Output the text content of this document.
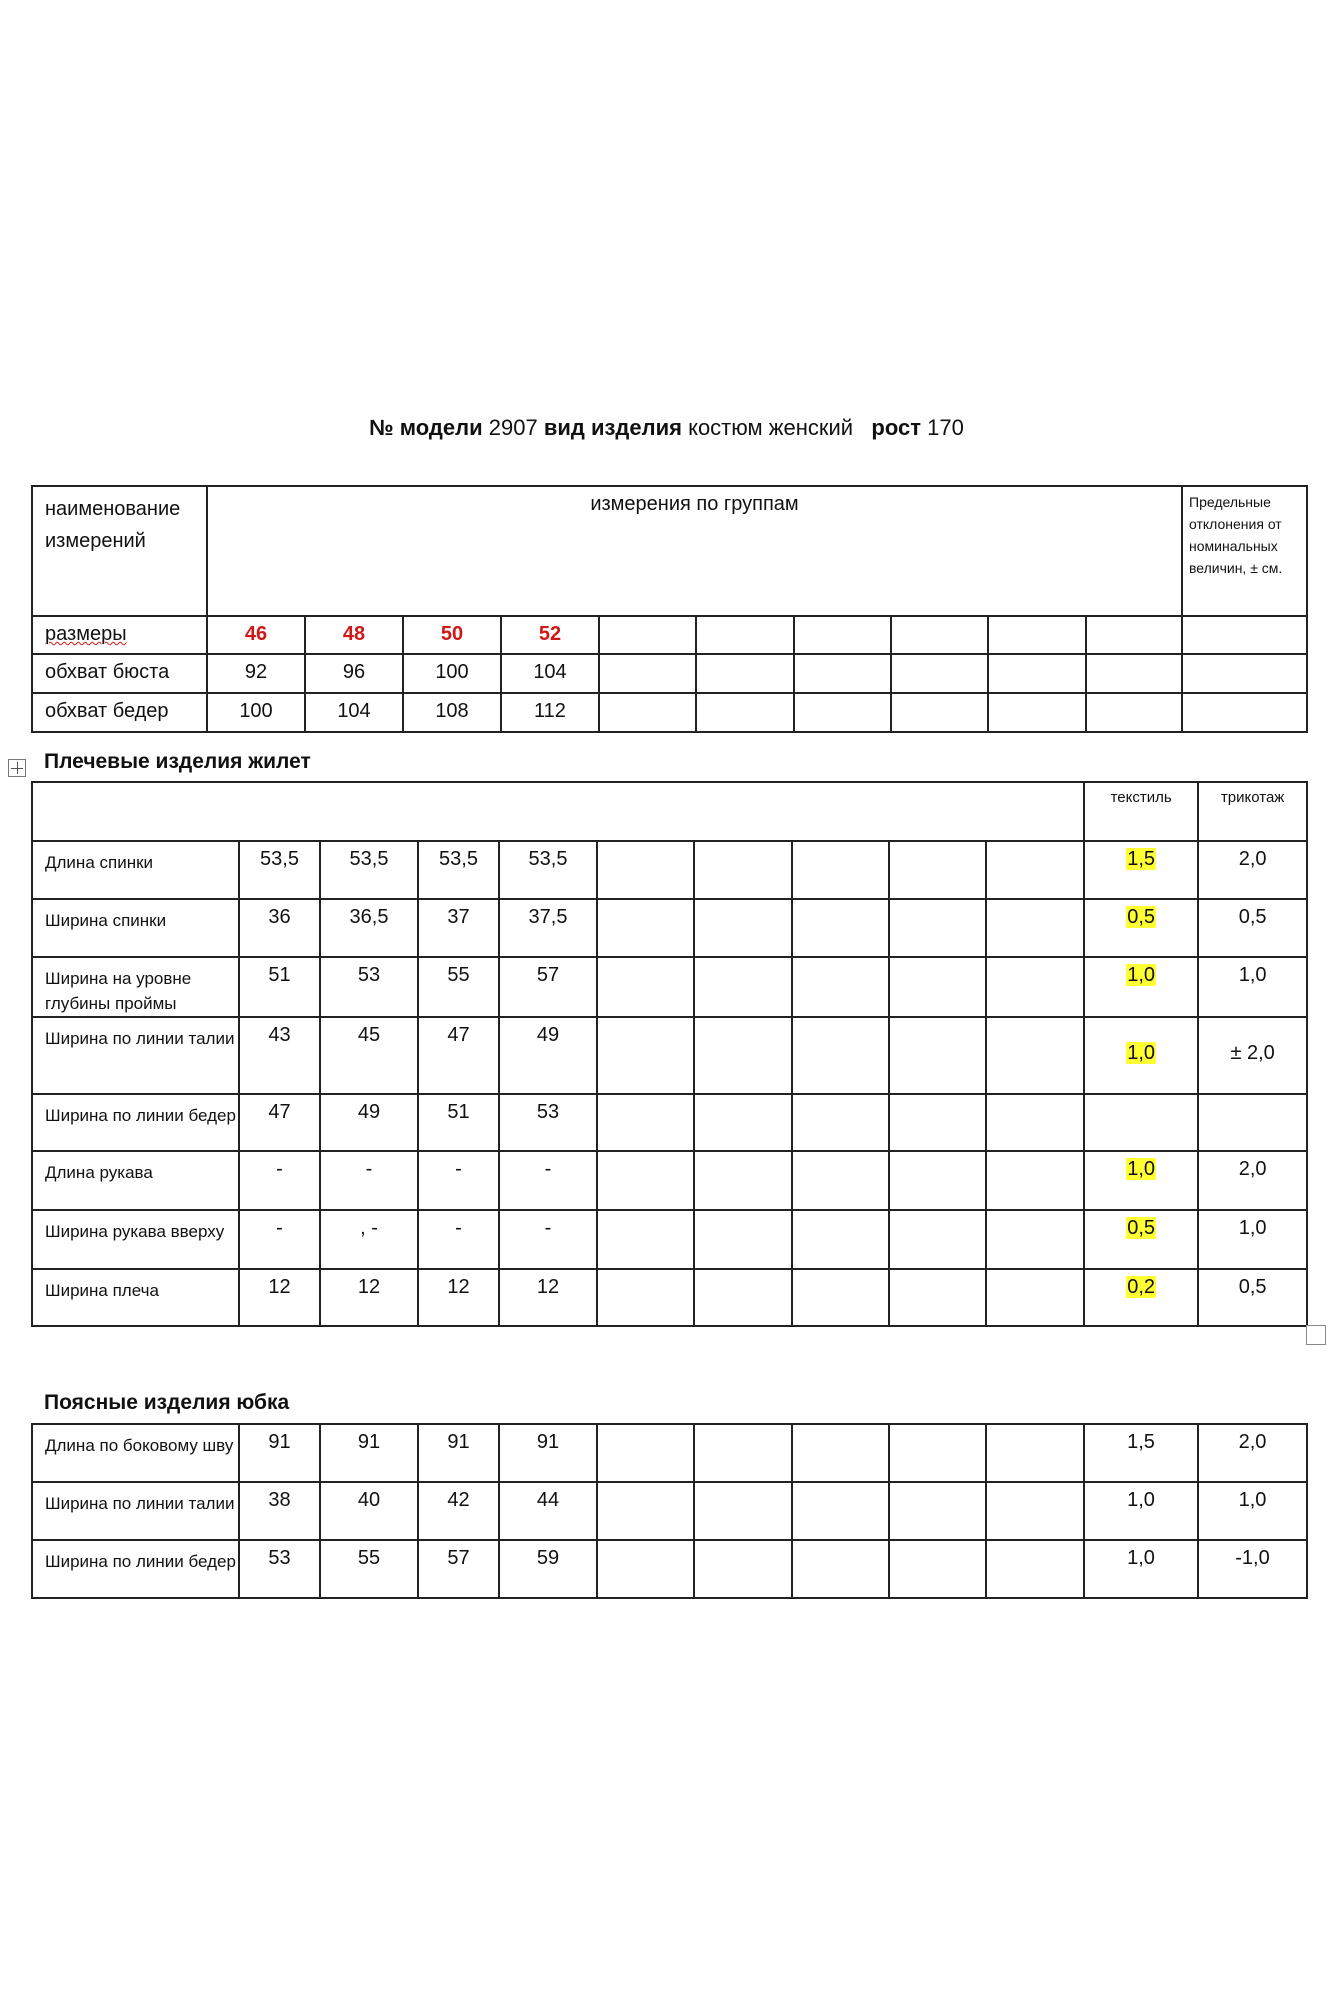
№ модели 2907 вид изделия костюм женский рост 170
наименование измерений	измерения по группам										Предельные отклонения от номинальных величин, ± см.
размеры	46	48	50	52							
обхват бюста	92	96	100	104							
обхват бедер	100	104	108	112							
Плечевые изделия жилет
										текстиль	трикотаж
Длина спинки	53,5	53,5	53,5	53,5						1,5	2,0
Ширина спинки	36	36,5	37	37,5						0,5	0,5
Ширина на уровне глубины проймы	51	53	55	57						1,0	1,0
Ширина по линии талии	43	45	47	49						1,0	± 2,0
Ширина по линии бедер	47	49	51	53							
Длина рукава	-	-	-	-						1,0	2,0
Ширина рукава вверху	-	, -	-	-						0,5	1,0
Ширина плеча	12	12	12	12						0,2	0,5
Поясные изделия юбка
Длина по боковому шву	91	91	91	91						1,5	2,0
Ширина по линии талии	38	40	42	44						1,0	1,0
Ширина по линии бедер	53	55	57	59						1,0	-1,0
